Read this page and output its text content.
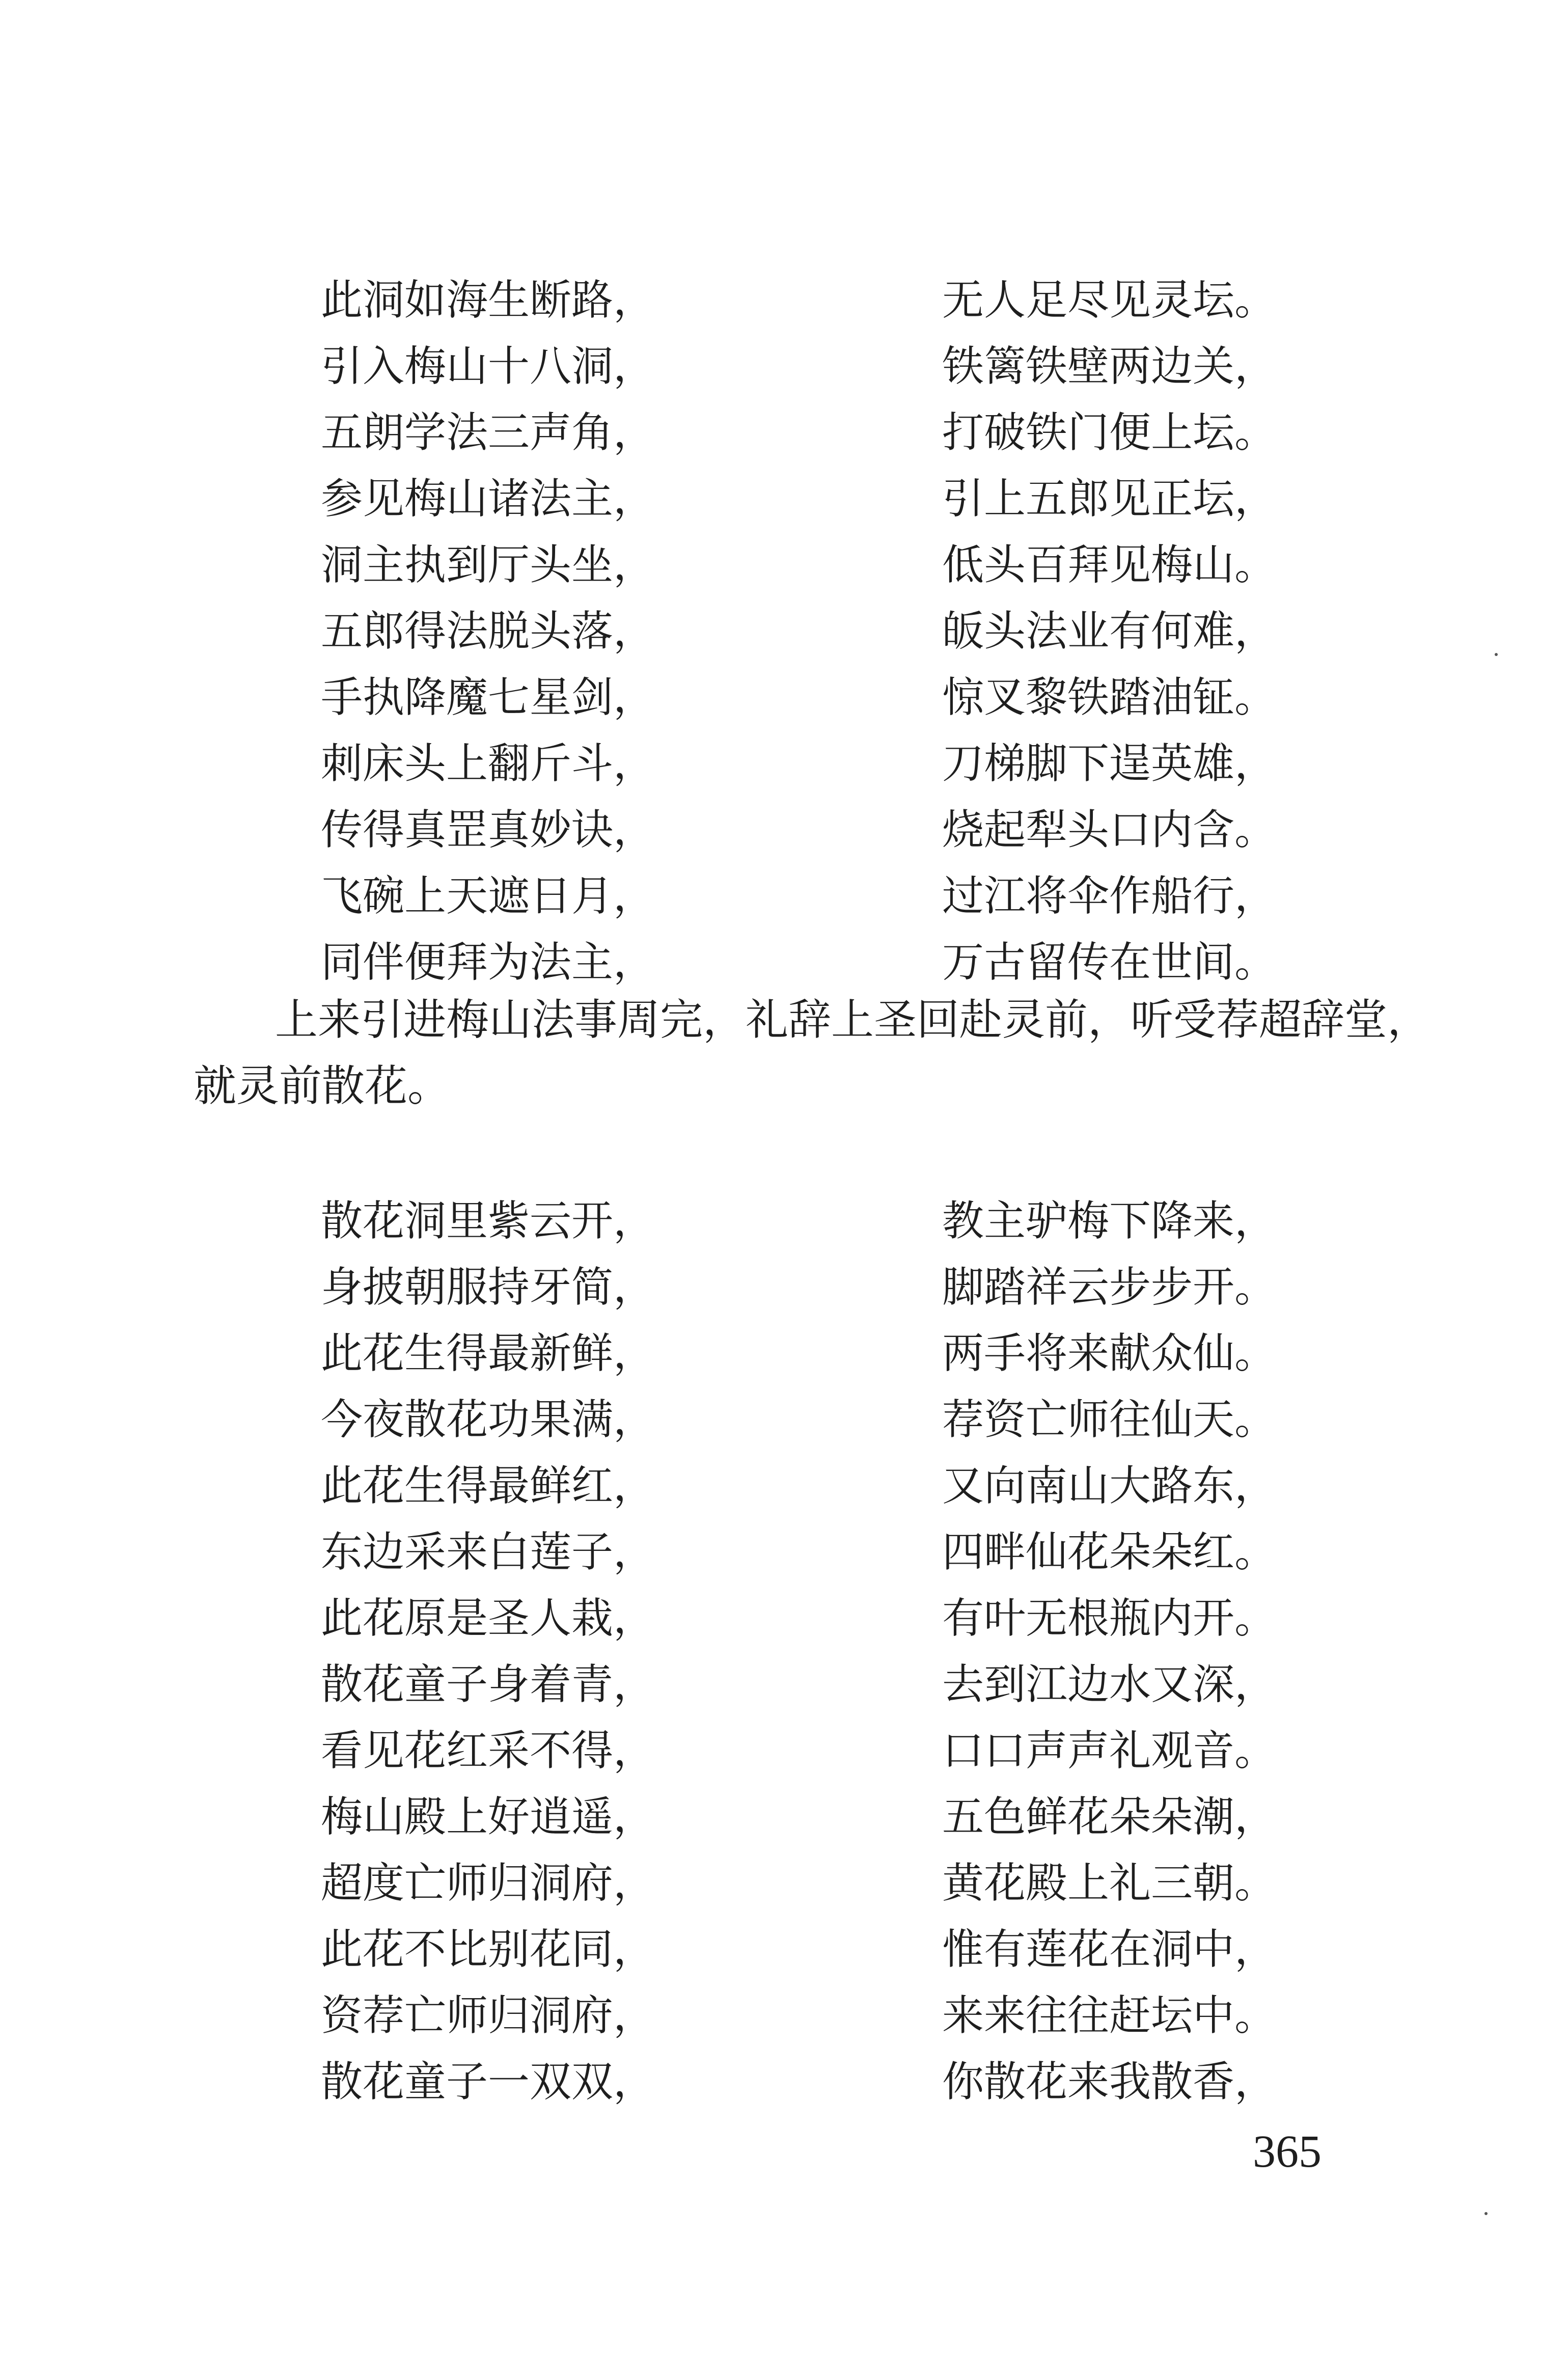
此洞如海生断路，	无人足尽见灵坛。
引入梅山十八洞，	铁篱铁壁两边关，
五朗学法三声角，	打破铁门便上坛。
参见梅山诸法主，	引上五郎见正坛，
洞主执到厅头坐，	低头百拜见梅山。
五郎得法脱头落，	皈头法业有何难，
手执降魔七星剑，	惊叉黎铁踏油钲。
刺床头上翻斤斗，	刀梯脚下逞英雄，
传得真罡真妙诀，	烧起犁头口内含。
飞碗上天遮日月，	过江将伞作船行，
同伴便拜为法主，	万古留传在世间。
上来引进梅山法事周完，礼辞上圣回赴灵前，听受荐超辞堂，
就灵前散花。
散花洞里紫云开，	教主驴梅下降来，
身披朝服持牙简，	脚踏祥云步步开。
此花生得最新鲜，	两手将来献众仙。
今夜散花功果满，	荐资亡师往仙天。
此花生得最鲜红，	又向南山大路东，
东边采来白莲子，	四畔仙花朵朵红。
此花原是圣人栽，	有叶无根瓶内开。
散花童子身着青，	去到江边水又深，
看见花红采不得，	口口声声礼观音。
梅山殿上好逍遥，	五色鲜花朵朵潮，
超度亡师归洞府，	黄花殿上礼三朝。
此花不比别花同，	惟有莲花在洞中，
资荐亡师归洞府，	来来往往赶坛中。
散花童子一双双，	你散花来我散香，
365
